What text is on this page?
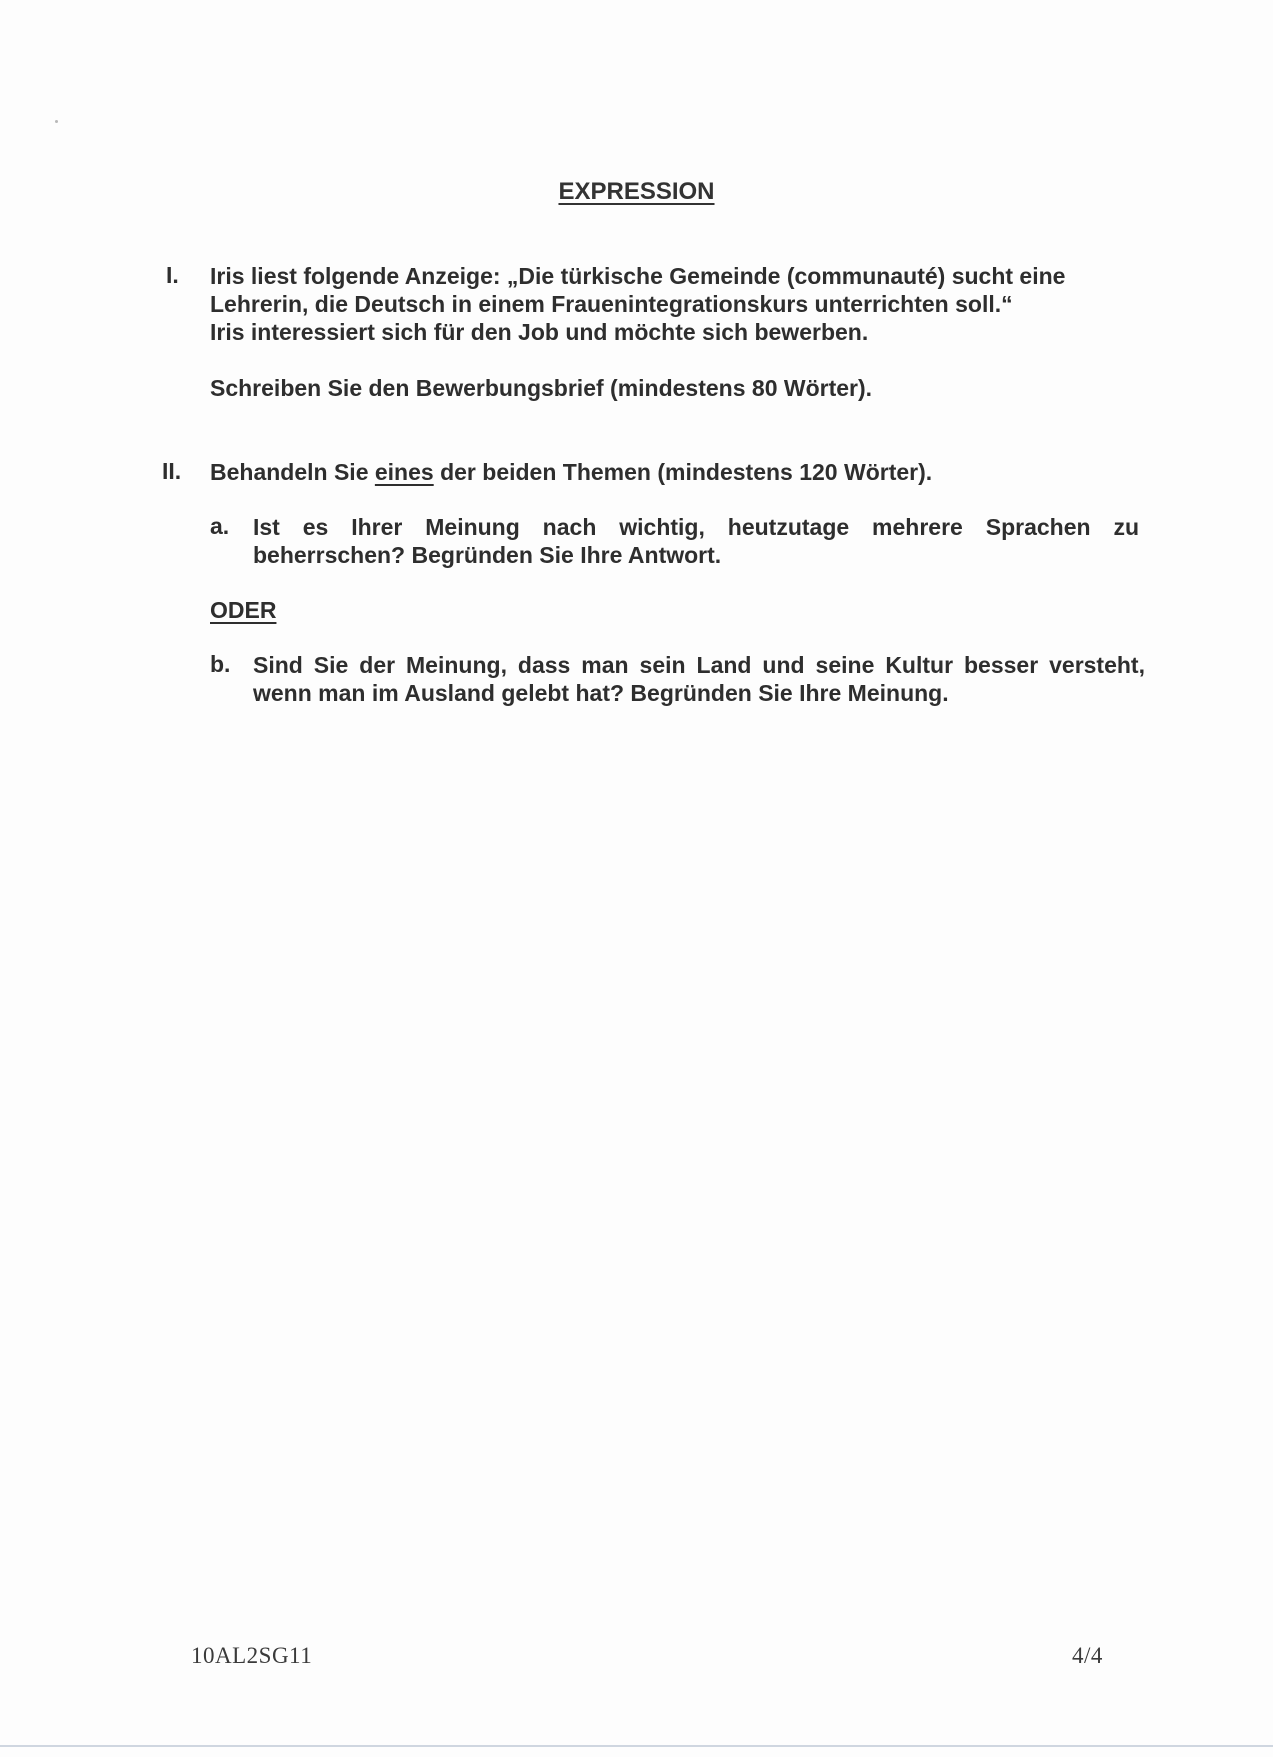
EXPRESSION
I. Iris liest folgende Anzeige: „Die türkische Gemeinde (communauté) sucht eine
Lehrerin, die Deutsch in einem Frauenintegrationskurs unterrichten soll.“
Iris interessiert sich für den Job und möchte sich bewerben.
Schreiben Sie den Bewerbungsbrief (mindestens 80 Wörter).
II. Behandeln Sie eines der beiden Themen (mindestens 120 Wörter).
a. Ist es Ihrer Meinung nach wichtig, heutzutage mehrere Sprachen zu beherrschen? Begründen Sie Ihre Antwort.
ODER
b. Sind Sie der Meinung, dass man sein Land und seine Kultur besser versteht, wenn man im Ausland gelebt hat? Begründen Sie Ihre Meinung.
10AL2SG11	4/4
